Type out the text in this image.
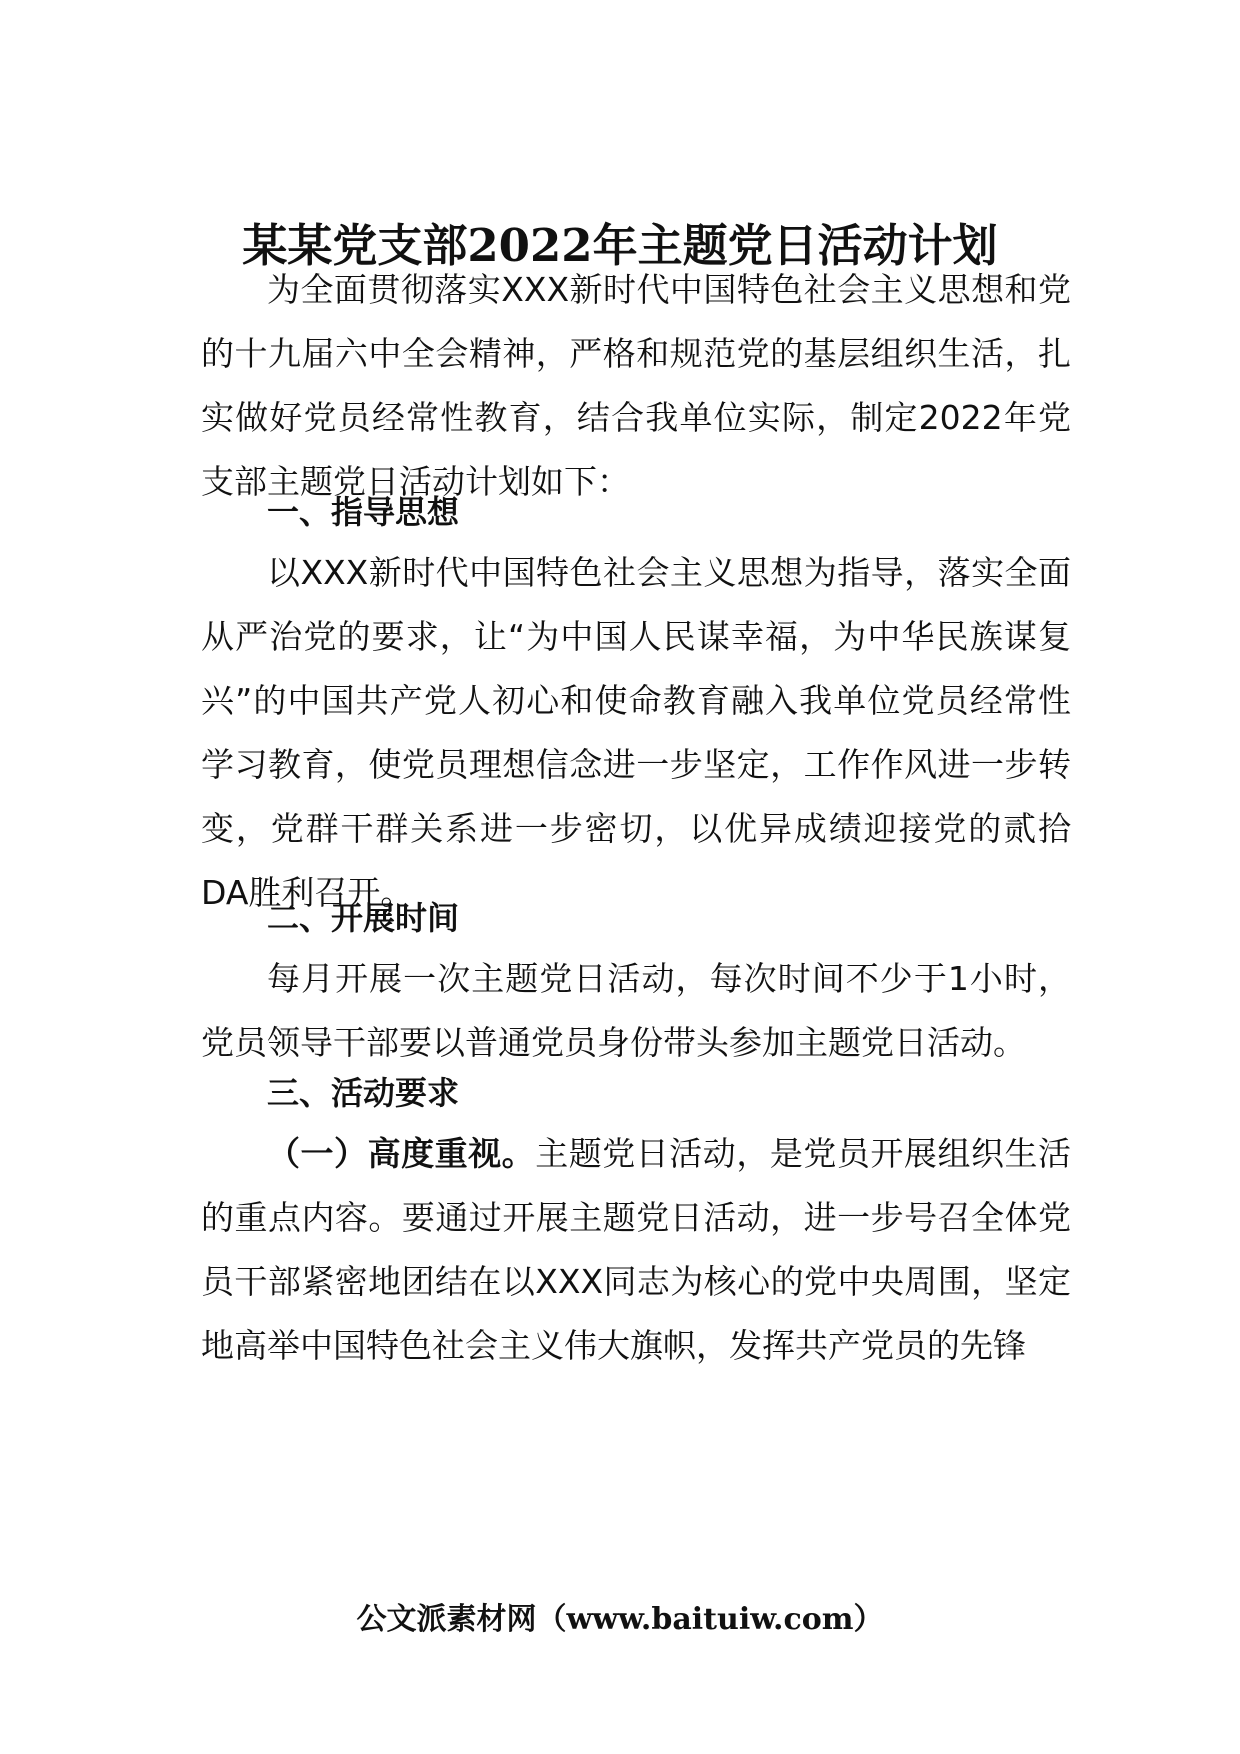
某某党支部2022年主题党日活动计划

为全面贯彻落实XXX新时代中国特色社会主义思想和党的十九届六中全会精神，严格和规范党的基层组织生活，扎实做好党员经常性教育，结合我单位实际，制定2022年党支部主题党日活动计划如下：

一、指导思想

以XXX新时代中国特色社会主义思想为指导，落实全面从严治党的要求，让“为中国人民谋幸福，为中华民族谋复兴”的中国共产党人初心和使命教育融入我单位党员经常性学习教育，使党员理想信念进一步坚定，工作作风进一步转变，党群干群关系进一步密切，以优异成绩迎接党的贰拾DA胜利召开。

二、开展时间

每月开展一次主题党日活动，每次时间不少于1小时，党员领导干部要以普通党员身份带头参加主题党日活动。

三、活动要求

（一）高度重视。主题党日活动，是党员开展组织生活的重点内容。要通过开展主题党日活动，进一步号召全体党员干部紧密地团结在以XXX同志为核心的党中央周围，坚定地高举中国特色社会主义伟大旗帜，发挥共产党员的先锋

公文派素材网（www.baituiw.com）
